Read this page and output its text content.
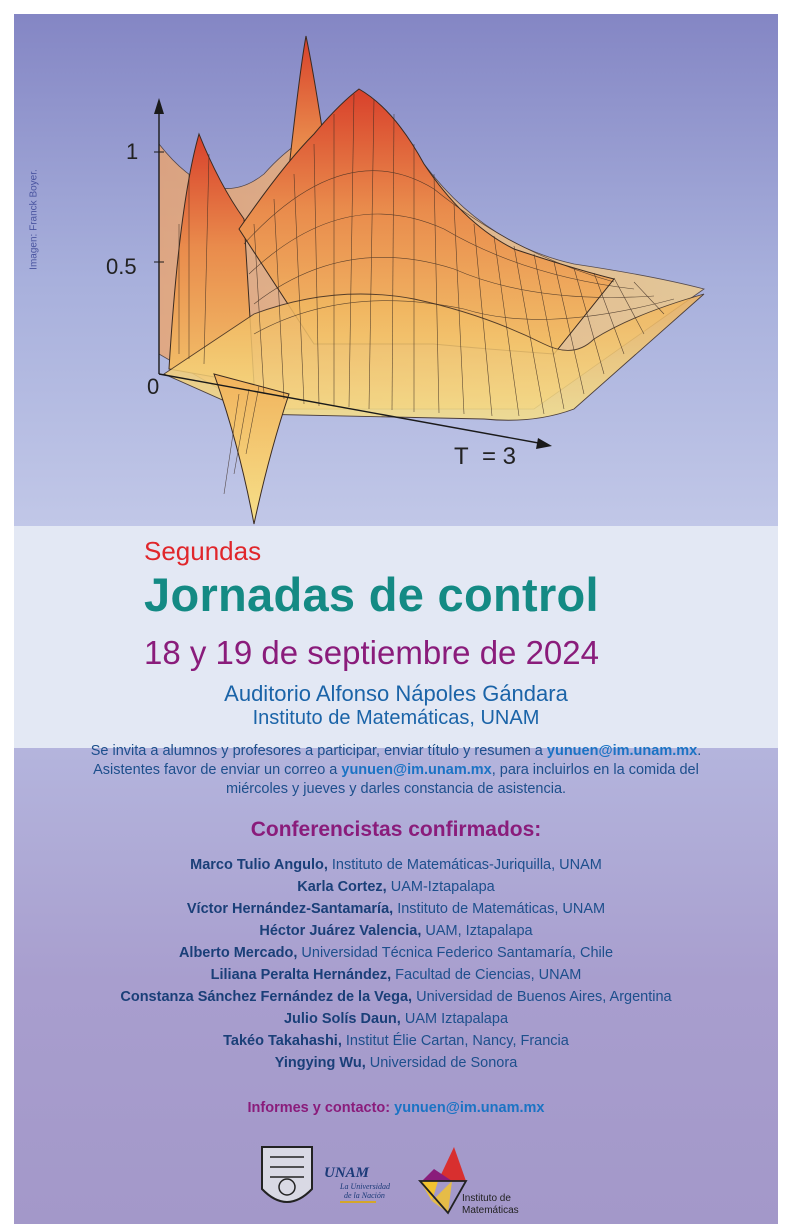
Imagen: Franck Boyer.
1
0.5
0
T = 3
Segundas
Jornadas de control
18 y 19 de septiembre de 2024
Auditorio Alfonso Nápoles Gándara
Instituto de Matemáticas, UNAM
Se invita a alumnos y profesores a participar, enviar título y resumen a yunuen@im.unam.mx.
Asistentes favor de enviar un correo a yunuen@im.unam.mx, para incluirlos en la comida del
miércoles y jueves y darles constancia de asistencia.
Conferencistas confirmados:
Marco Tulio Angulo, Instituto de Matemáticas-Juriquilla, UNAM
Karla Cortez, UAM-Iztapalapa
Víctor Hernández-Santamaría, Instituto de Matemáticas, UNAM
Héctor Juárez Valencia, UAM, Iztapalapa
Alberto Mercado, Universidad Técnica Federico Santamaría, Chile
Liliana Peralta Hernández, Facultad de Ciencias, UNAM
Constanza Sánchez Fernández de la Vega, Universidad de Buenos Aires, Argentina
Julio Solís Daun, UAM Iztapalapa
Takéo Takahashi, Institut Élie Cartan, Nancy, Francia
Yingying Wu, Universidad de Sonora
Informes y contacto: yunuen@im.unam.mx
UNAM
La Universidad
de la Nación	Instituto de
Matemáticas
